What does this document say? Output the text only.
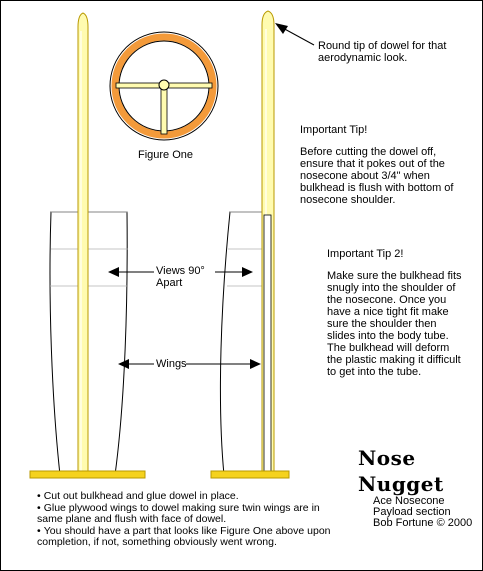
Figure One
Round tip of dowel for that aerodynamic look.
Important Tip!
Before cutting the dowel off, ensure that it pokes out of the nosecone about 3/4" when bulkhead is flush with bottom of nosecone shoulder.
Important Tip 2!
Make sure the bulkhead fits snugly into the shoulder of the nosecone. Once you have a nice tight fit make sure the shoulder then slides into the body tube. The bulkhead will deform the plastic making it difficult to get into the tube.
Views 90° Apart
Wings
Nose
Nugget
Ace Nosecone Payload section Bob Fortune © 2000
• Cut out bulkhead and glue dowel in place.
• Glue plywood wings to dowel making sure twin wings are in same plane and flush with face of dowel.
• You should have a part that looks like Figure One above upon completion, if not, something obviously went wrong.
